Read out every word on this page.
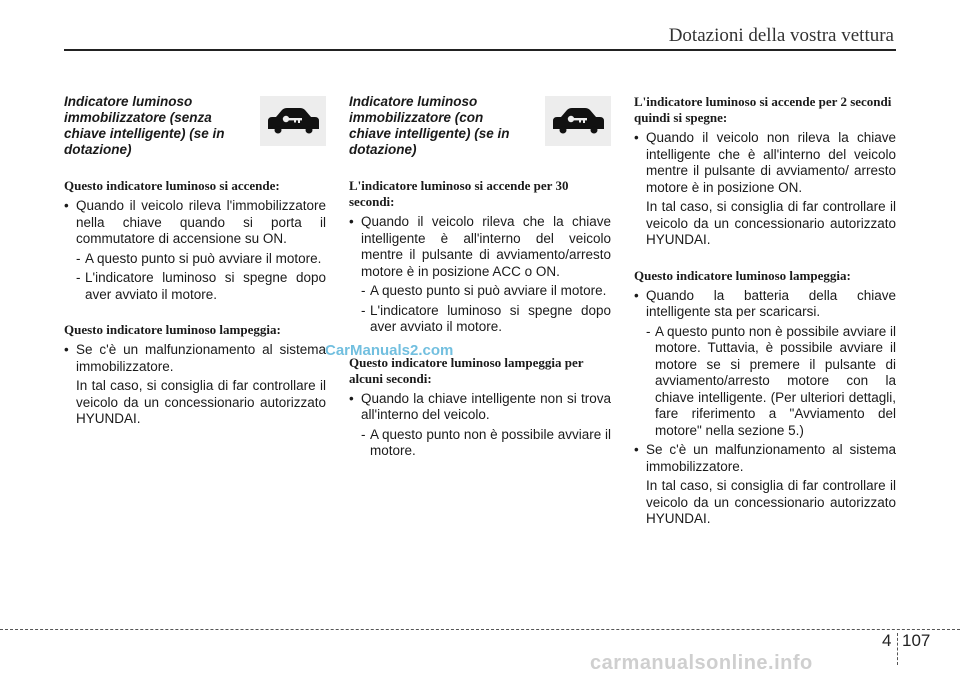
Dotazioni della vostra vettura
Indicatore luminoso immobilizzatore (senza chiave intelligente) (se in dotazione)
Questo indicatore luminoso si accende:
• Quando il veicolo rileva l'immobilizzatore nella chiave quando si porta il commutatore di accensione su ON.
- A questo punto si può avviare il motore.
- L'indicatore luminoso si spegne dopo aver avviato il motore.
Questo indicatore luminoso lampeggia:
• Se c'è un malfunzionamento al sistema immobilizzatore.
In tal caso, si consiglia di far controllare il veicolo da un concessionario autorizzato HYUNDAI.
Indicatore luminoso immobilizzatore (con chiave intelligente) (se in dotazione)
L'indicatore luminoso si accende per 30 secondi:
• Quando il veicolo rileva che la chiave intelligente è all'interno del veicolo mentre il pulsante di avviamento/arresto motore è in posizione ACC o ON.
- A questo punto si può avviare il motore.
- L'indicatore luminoso si spegne dopo aver avviato il motore.
Questo indicatore luminoso lampeggia per alcuni secondi:
• Quando la chiave intelligente non si trova all'interno del veicolo.
- A questo punto non è possibile avviare il motore.
L'indicatore luminoso si accende per 2 secondi quindi si spegne:
• Quando il veicolo non rileva la chiave intelligente che è all'interno del veicolo mentre il pulsante di avviamento/ arresto motore è in posizione ON.
In tal caso, si consiglia di far controllare il veicolo da un concessionario autorizzato HYUNDAI.
Questo indicatore luminoso lampeggia:
• Quando la batteria della chiave intelligente sta per scaricarsi.
- A questo punto non è possibile avviare il motore. Tuttavia, è possibile avviare il motore se si premere il pulsante di avviamento/arresto motore con la chiave intelligente. (Per ulteriori dettagli, fare riferimento a "Avviamento del motore" nella sezione 5.)
• Se c'è un malfunzionamento al sistema immobilizzatore.
In tal caso, si consiglia di far controllare il veicolo da un concessionario autorizzato HYUNDAI.
CarManuals2.com
4 107
carmanualsonline.info
